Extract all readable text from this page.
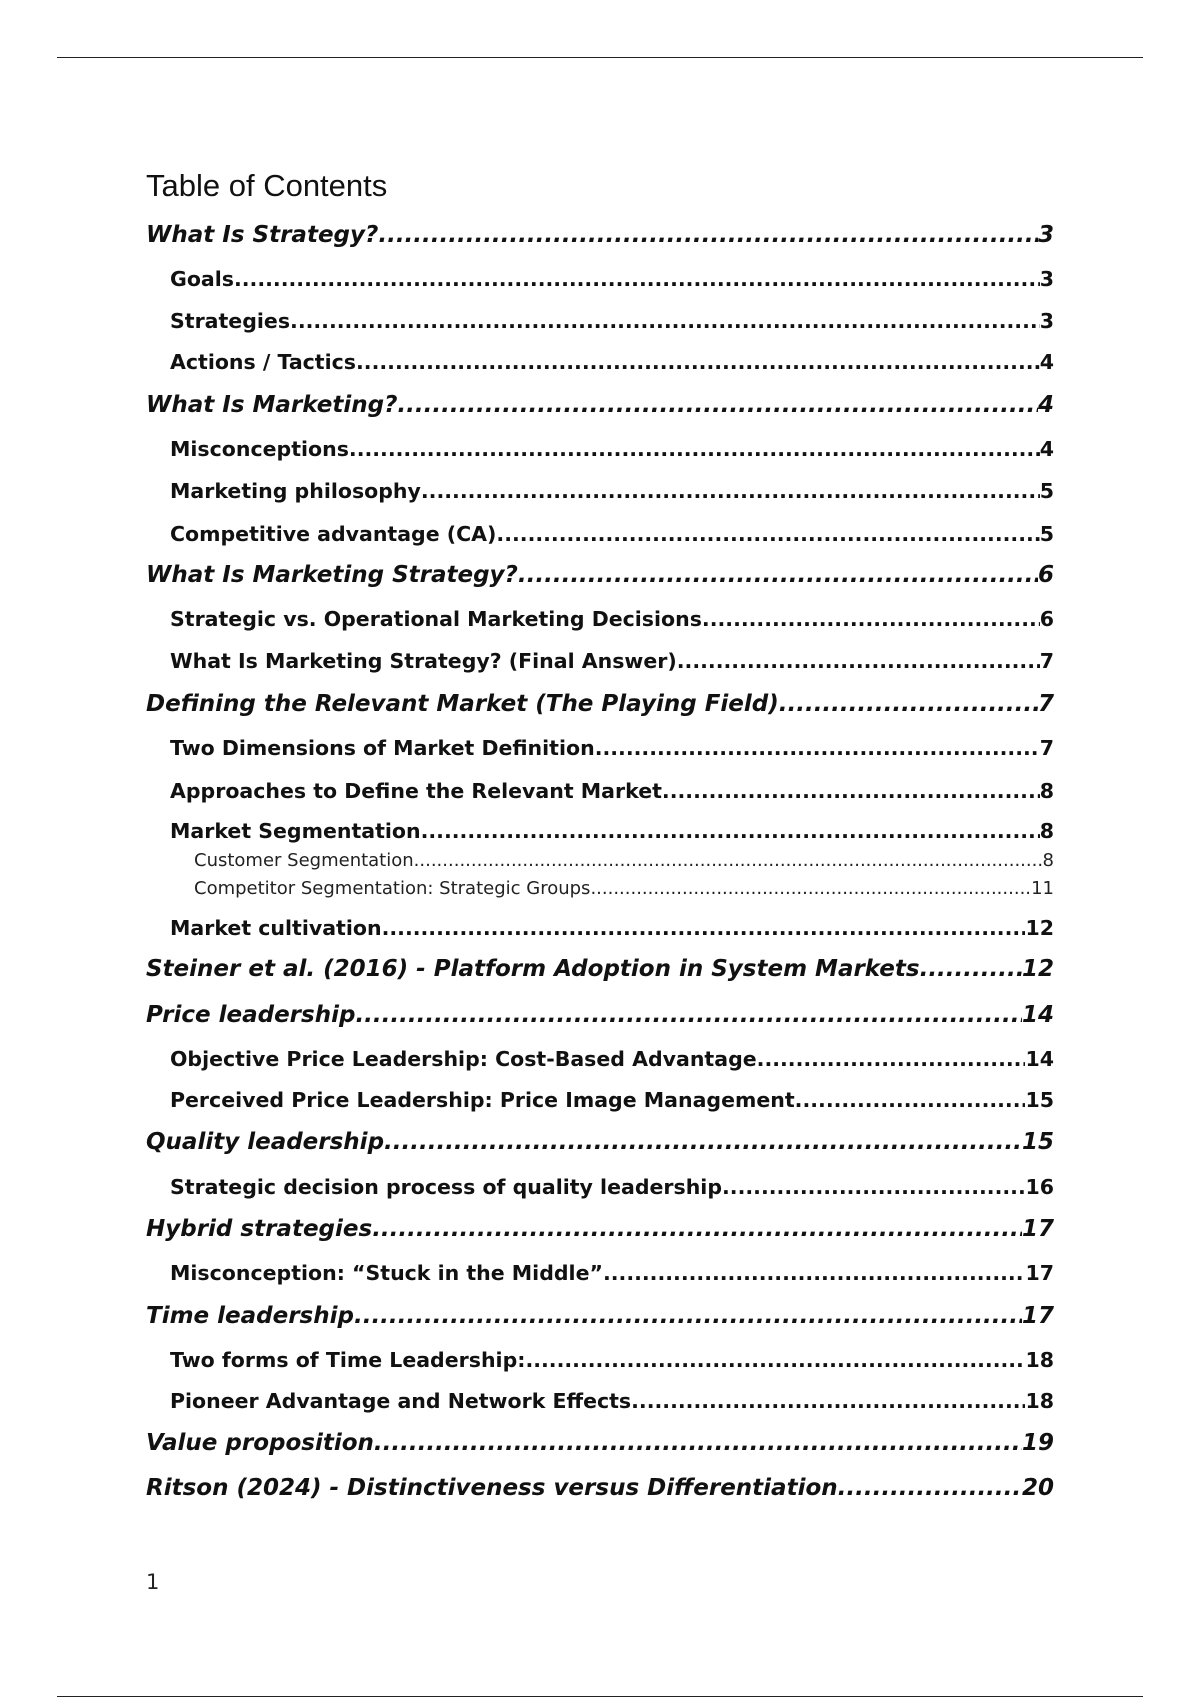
Table of Contents
What Is Strategy? .....	3
Goals .....	3
Strategies .....	3
Actions / Tactics .....	4
What Is Marketing? .....	4
Misconceptions .....	4
Marketing philosophy .....	5
Competitive advantage (CA) .....	5
What Is Marketing Strategy? .....	6
Strategic vs. Operational Marketing Decisions .....	6
What Is Marketing Strategy? (Final Answer) .....	7
Defining the Relevant Market (The Playing Field) .....	7
Two Dimensions of Market Definition .....	7
Approaches to Define the Relevant Market .....	8
Market Segmentation .....	8
Customer Segmentation .....	8
Competitor Segmentation: Strategic Groups .....	11
Market cultivation .....	12
Steiner et al. (2016) - Platform Adoption in System Markets .....	12
Price leadership .....	14
Objective Price Leadership: Cost-Based Advantage .....	14
Perceived Price Leadership: Price Image Management .....	15
Quality leadership .....	15
Strategic decision process of quality leadership .....	16
Hybrid strategies .....	17
Misconception: “Stuck in the Middle” .....	17
Time leadership .....	17
Two forms of Time Leadership: .....	18
Pioneer Advantage and Network Effects .....	18
Value proposition .....	19
Ritson (2024) - Distinctiveness versus Differentiation .....	20
1
